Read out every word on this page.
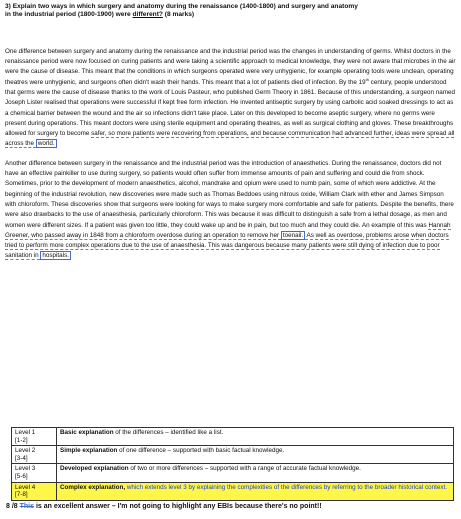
3) Explain two ways in which surgery and anatomy during the renaissance (1400-1800) and surgery and anatomy
in the industrial period (1800-1900) were different? (8 marks)

One difference between surgery and anatomy during the renaissance and the industrial period was the changes in understanding of germs. Whilst doctors in the renaissance period were now focused on curing patients and were taking a scientific approach to medical knowledge, they were not aware that microbes in the air were the cause of disease. This meant that the conditions in which surgeons operated were very unhygienic, for example operating tools were unclean, operating theatres were unhygienic, and surgeons often didn't wash their hands. This meant that a lot of patients died of infection. By the 19th century, people understood that germs were the cause of disease thanks to the work of Louis Pasteur, who published Germ Theory in 1861. Because of this understanding, a surgeon named Joseph Lister realised that operations were successful if kept free form infection. He invented antiseptic surgery by using carbolic acid soaked dressings to act as a chemical barrier between the wound and the air so infections didn't take place. Later on this developed to become aseptic surgery, where no germs were present during operations. This meant doctors were using sterile equipment and operating theatres, as well as surgical clothing and gloves. These breakthroughs allowed for surgery to become safer, so more patients were recovering from operations, and because communication had advanced further, ideas were spread all across the world.

Another difference between surgery in the renaissance and the industrial period was the introduction of anaesthetics. During the renaissance, doctors did not have an effective painkiller to use during surgery, so patients would often suffer from immense amounts of pain and suffering and could die from shock. Sometimes, prior to the development of modern anaesthetics, alcohol, mandrake and opium were used to numb pain, some of which were addictive. At the beginning of the industrial revolution, new discoveries were made such as Thomas Beddoes using nitrous oxide, William Clark with ether and James Simpson with chloroform. These discoveries show that surgeons were looking for ways to make surgery more comfortable and safe for patients. Despite the benefits, there were also drawbacks to the use of anaesthesia, particularly chloroform. This was because it was difficult to distinguish a safe from a lethal dosage, as men and women were different sizes. If a patient was given too little, they could wake up and be in pain, but too much and they could die. An example of this was Hannah Greener, who passed away in 1848 from a chloroform overdose during an operation to remove her toenail. As well as overdose, problems arose when doctors tried to perform more complex operations due to the use of anaesthesia. This was dangerous because many patients were still dying of infection due to poor sanitation in hospitals.

Level 1
[1-2]	Basic explanation of the differences – identified like a list.
Level 2
[3-4]	Simple explanation of one difference – supported with basic factual knowledge.
Level 3
[5-6]	Developed explanation of two or more differences – supported with a range of accurate factual knowledge.
Level 4
[7-8]	Complex explanation, which extends level 3 by explaining the complexities of the differences by referring to the broader historical context.
8 /8 This is an excellent answer – I'm not going to highlight any EBIs because there's no point!!
